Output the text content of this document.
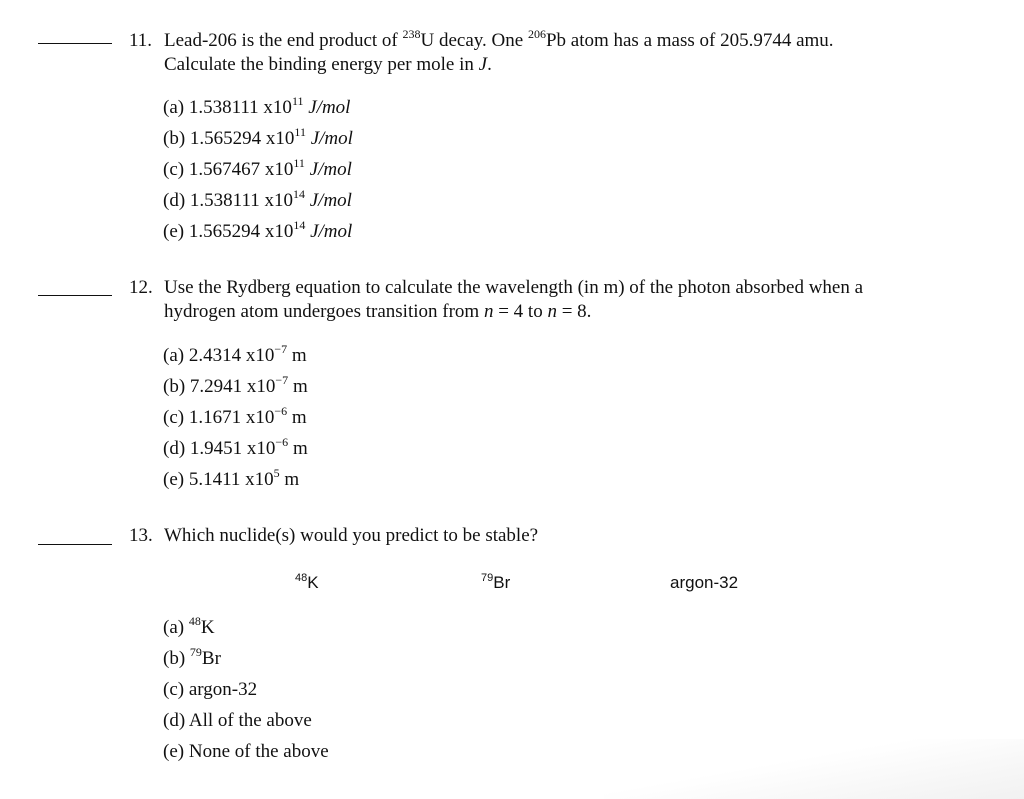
11. Lead-206 is the end product of $^{238}$U decay. One $^{206}$Pb atom has a mass of 205.9744 amu.
Calculate the binding energy per mole in J.
(a) 1.538111 $x10^{11}$ J/mol
(b) 1.565294 $x10^{11}$ J/mol
(c) 1.567467 $x10^{11}$ J/mol
(d) 1.538111 $x10^{14}$ J/mol
(e) 1.565294 $x10^{14}$ J/mol
12. Use the Rydberg equation to calculate the wavelength (in m) of the photon absorbed when a
hydrogen atom undergoes transition from n = 4 to n = 8.
(a) 2.4314 $x10^{-7}$ m
(b) 7.2941 $x10^{-7}$ m
(c) 1.1671 $x10^{-6}$ m
(d) 1.9451 $x10^{-6}$ m
(e) 5.1411 $x10^5$ m
13. Which nuclide(s) would you predict to be stable?
$^{48}$K	$^{79}$Br	argon-32
(a) $^{48}$K
(b) $^{79}$Br
(c) argon-32
(d) All of the above
(e) None of the above
